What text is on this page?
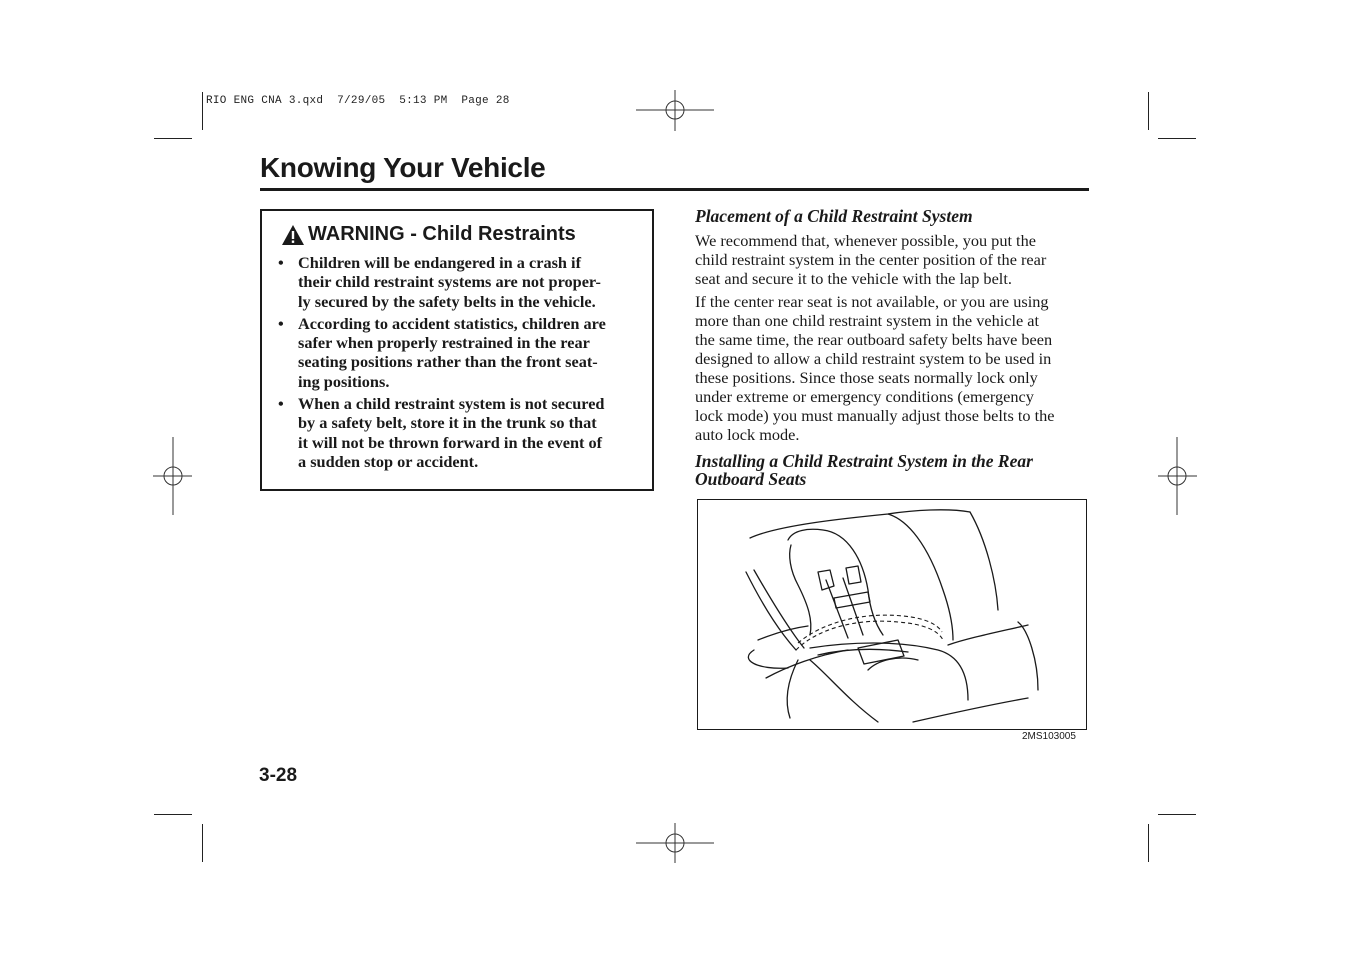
RIO ENG CNA 3.qxd  7/29/05  5:13 PM  Page 28
Knowing Your Vehicle
WARNING - Child Restraints
• Children will be endangered in a crash if
their child restraint systems are not proper-
ly secured by the safety belts in the vehicle.
• According to accident statistics, children are
safer when properly restrained in the rear
seating positions rather than the front seat-
ing positions.
• When a child restraint system is not secured
by a safety belt, store it in the trunk so that
it will not be thrown forward in the event of
a sudden stop or accident.
Placement of a Child Restraint System
We recommend that, whenever possible, you put the
child restraint system in the center position of the rear
seat and secure it to the vehicle with the lap belt.
If the center rear seat is not available, or you are using
more than one child restraint system in the vehicle at
the same time, the rear outboard safety belts have been
designed to allow a child restraint system to be used in
these positions. Since those seats normally lock only
under extreme or emergency conditions (emergency
lock mode) you must manually adjust those belts to the
auto lock mode.
Installing a Child Restraint System in the Rear
Outboard Seats
2MS103005
3-28
